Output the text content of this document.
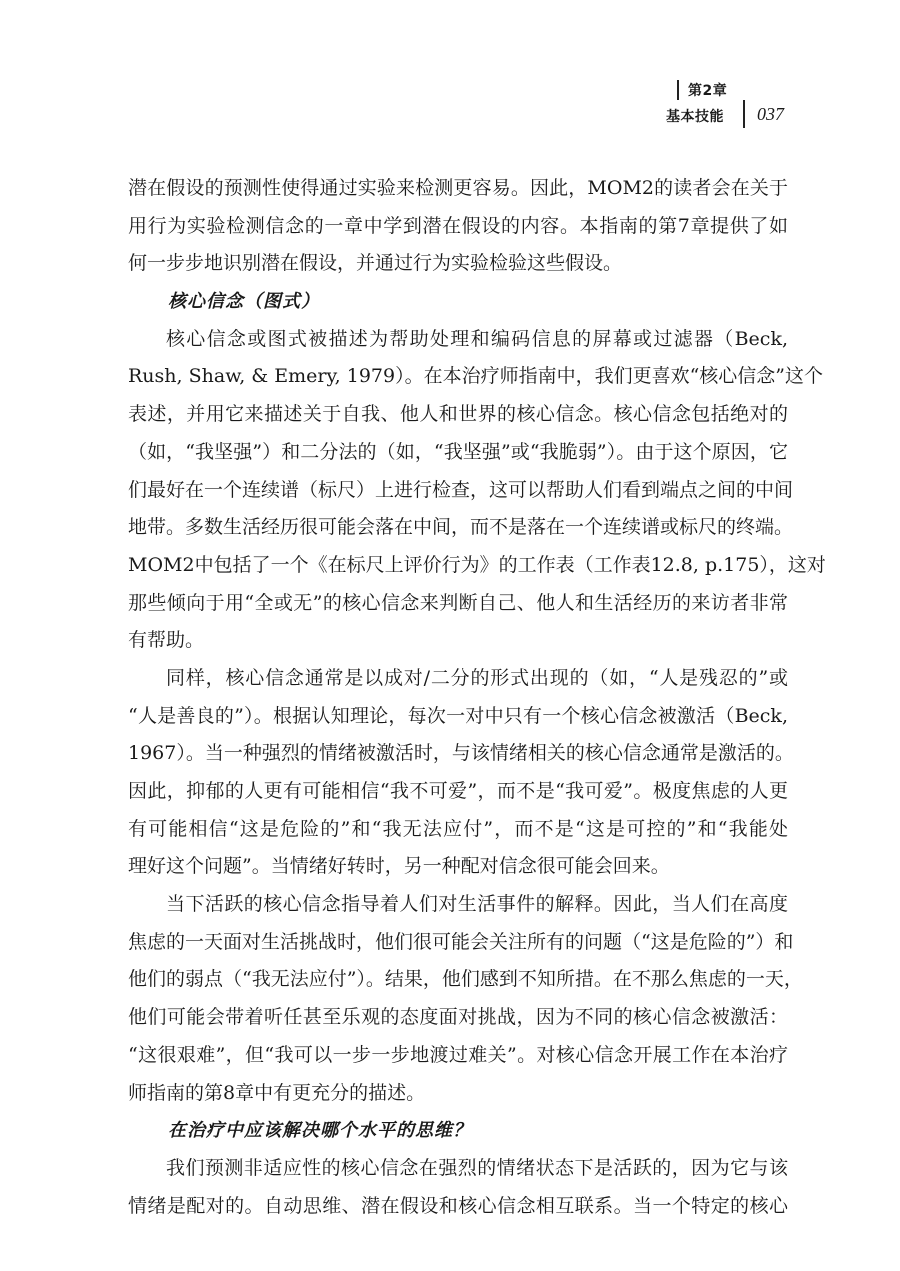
第2章
基本技能 037
潜在假设的预测性使得通过实验来检测更容易。因此，MOM2的读者会在关于
用行为实验检测信念的一章中学到潜在假设的内容。本指南的第7章提供了如
何一步步地识别潜在假设，并通过行为实验检验这些假设。
核心信念（图式）
核心信念或图式被描述为帮助处理和编码信息的屏幕或过滤器（Beck,
Rush, Shaw, & Emery, 1979）。在本治疗师指南中，我们更喜欢“核心信念”这个
表述，并用它来描述关于自我、他人和世界的核心信念。核心信念包括绝对的
（如，“我坚强”）和二分法的（如，“我坚强”或“我脆弱”）。由于这个原因，它
们最好在一个连续谱（标尺）上进行检查，这可以帮助人们看到端点之间的中间
地带。多数生活经历很可能会落在中间，而不是落在一个连续谱或标尺的终端。
MOM2中包括了一个《在标尺上评价行为》的工作表（工作表12.8, p.175），这对
那些倾向于用“全或无”的核心信念来判断自己、他人和生活经历的来访者非常
有帮助。
同样，核心信念通常是以成对/二分的形式出现的（如，“人是残忍的”或
“人是善良的”）。根据认知理论，每次一对中只有一个核心信念被激活（Beck,
1967）。当一种强烈的情绪被激活时，与该情绪相关的核心信念通常是激活的。
因此，抑郁的人更有可能相信“我不可爱”，而不是“我可爱”。极度焦虑的人更
有可能相信“这是危险的”和“我无法应付”，而不是“这是可控的”和“我能处
理好这个问题”。当情绪好转时，另一种配对信念很可能会回来。
当下活跃的核心信念指导着人们对生活事件的解释。因此，当人们在高度
焦虑的一天面对生活挑战时，他们很可能会关注所有的问题（“这是危险的”）和
他们的弱点（“我无法应付”）。结果，他们感到不知所措。在不那么焦虑的一天，
他们可能会带着听任甚至乐观的态度面对挑战，因为不同的核心信念被激活：
“这很艰难”，但“我可以一步一步地渡过难关”。对核心信念开展工作在本治疗
师指南的第8章中有更充分的描述。
在治疗中应该解决哪个水平的思维？
我们预测非适应性的核心信念在强烈的情绪状态下是活跃的，因为它与该
情绪是配对的。自动思维、潜在假设和核心信念相互联系。当一个特定的核心
